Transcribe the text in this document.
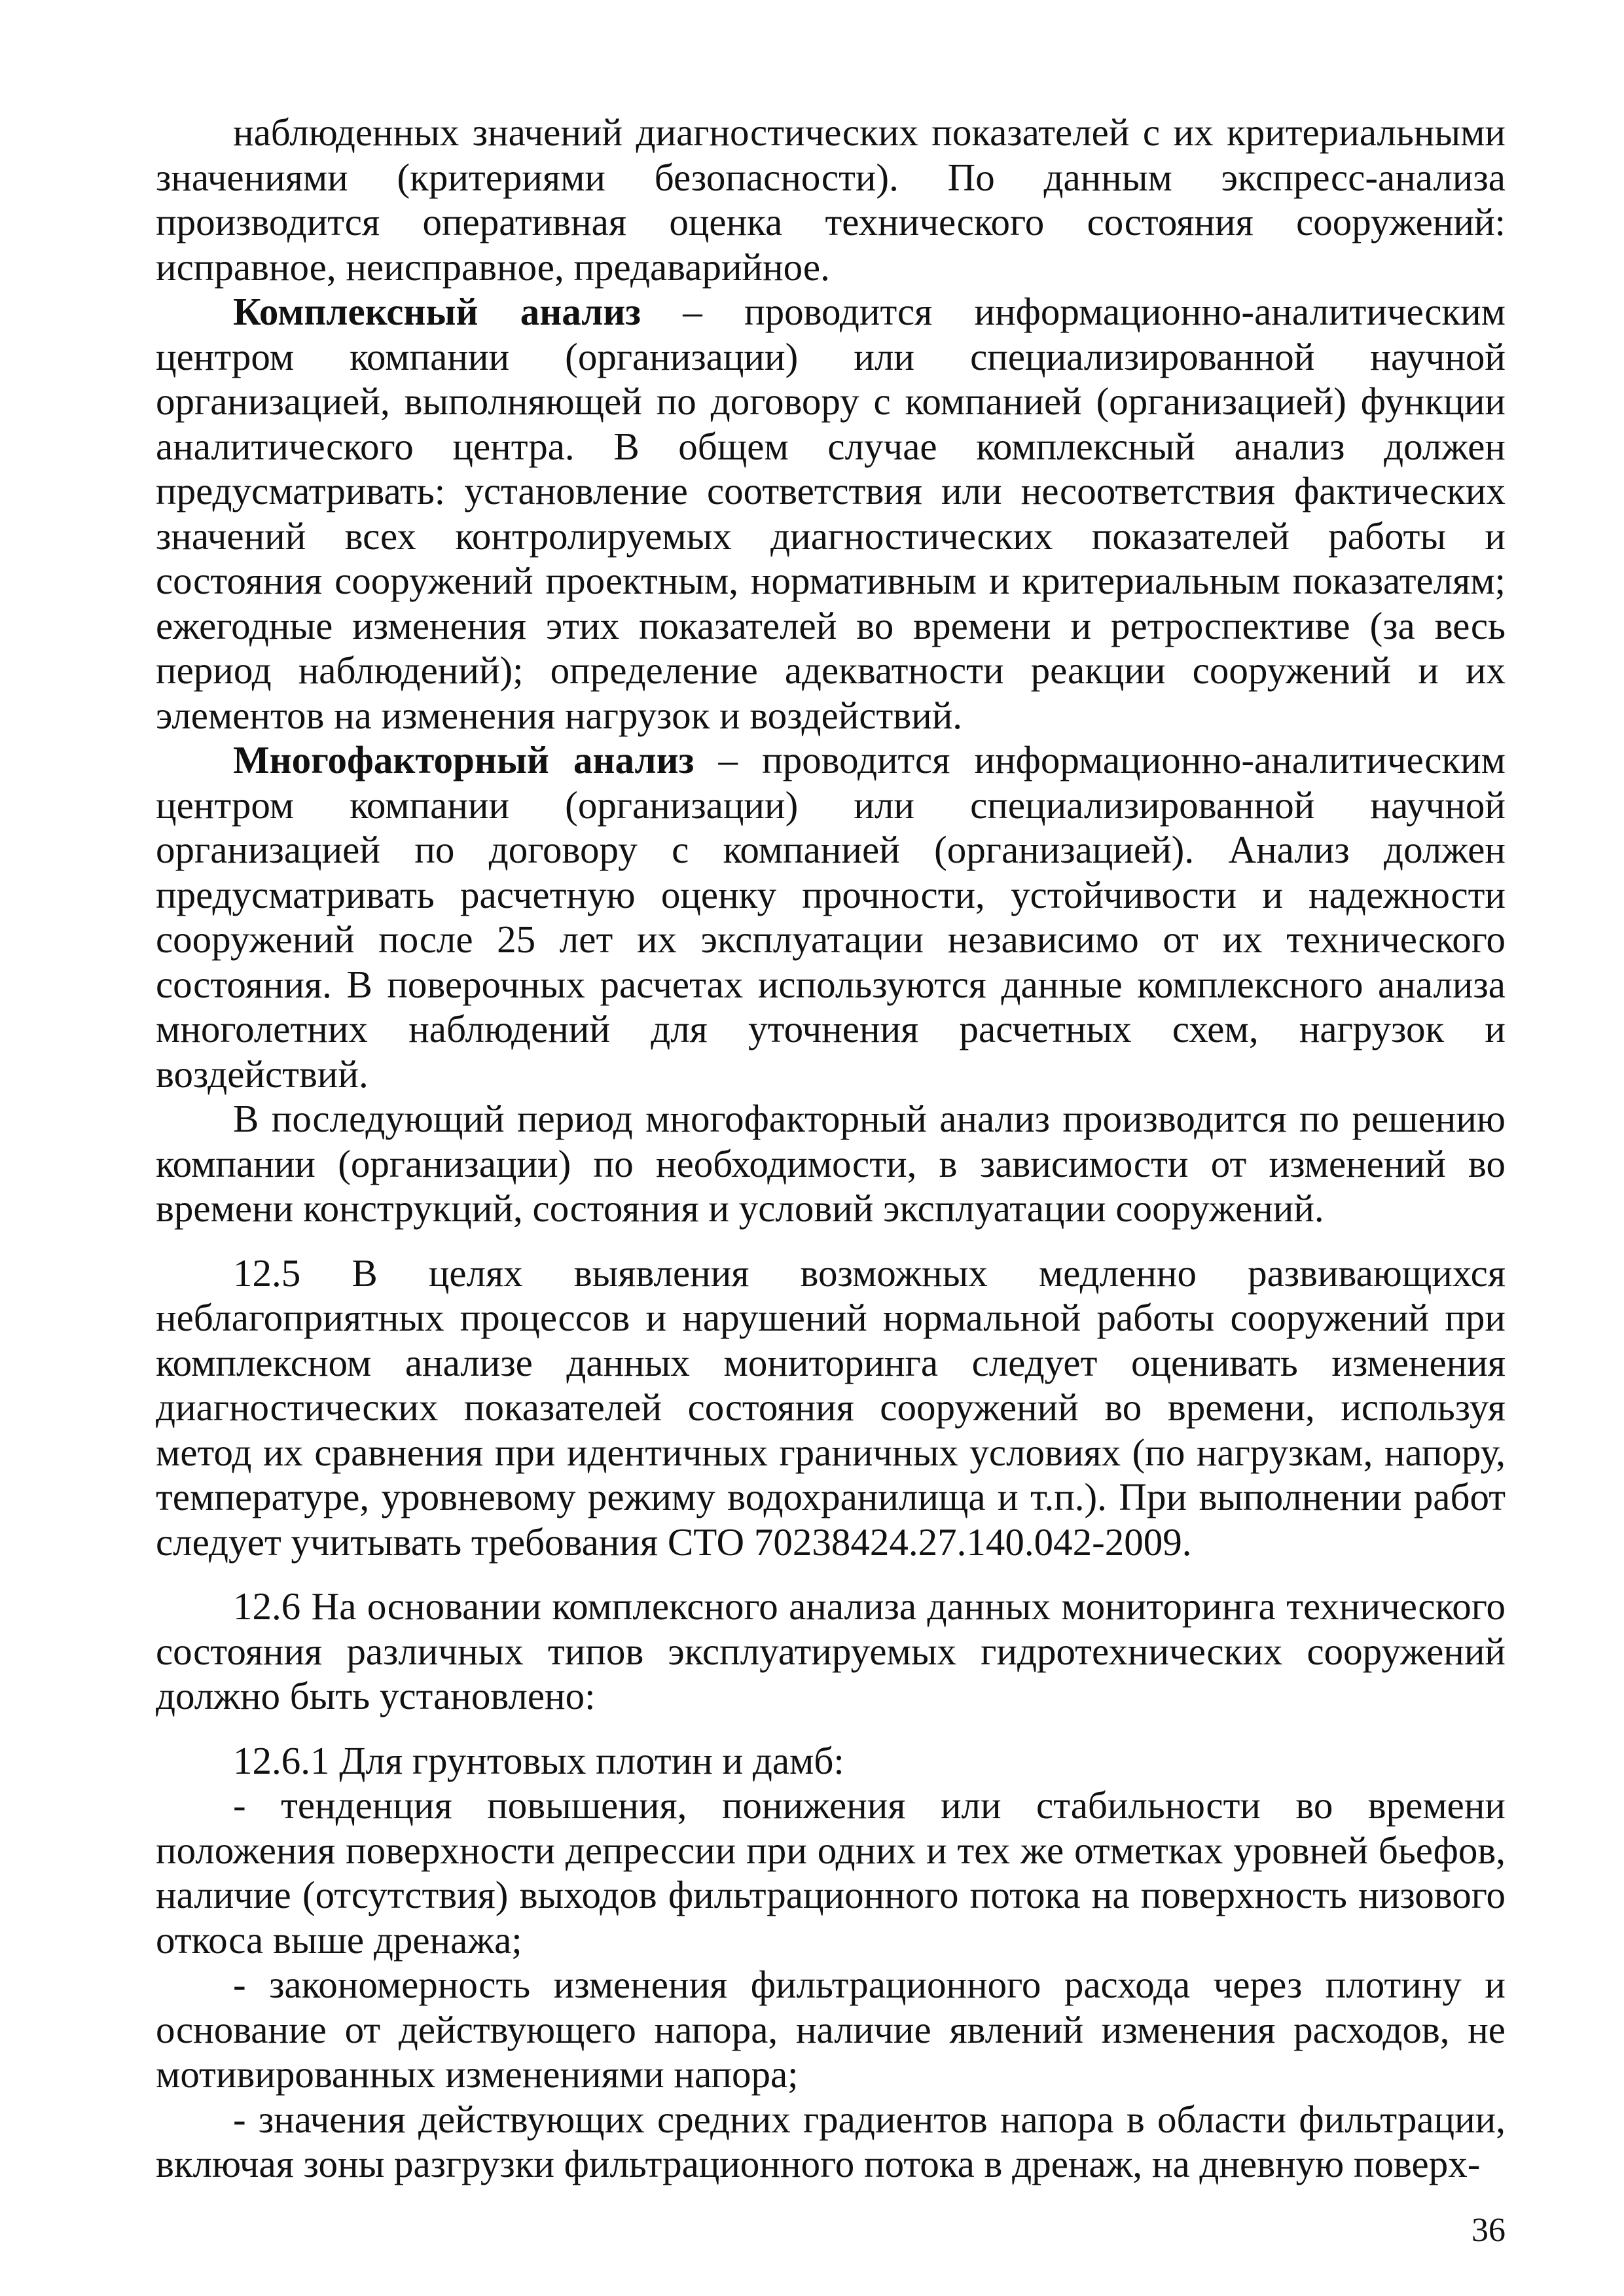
наблюденных значений диагностических показателей с их критериальными значениями (критериями безопасности). По данным экспресс-анализа производится оперативная оценка технического состояния сооружений: исправное, неисправное, предаварийное.

Комплексный анализ – проводится информационно-аналитическим центром компании (организации) или специализированной научной организацией, выполняющей по договору с компанией (организацией) функции аналитического центра. В общем случае комплексный анализ должен предусматривать: установление соответствия или несоответствия фактических значений всех контролируемых диагностических показателей работы и состояния сооружений проектным, нормативным и критериальным показателям; ежегодные изменения этих показателей во времени и ретроспективе (за весь период наблюдений); определение адекватности реакции сооружений и их элементов на изменения нагрузок и воздействий.

Многофакторный анализ – проводится информационно-аналитическим центром компании (организации) или специализированной научной организацией по договору с компанией (организацией). Анализ должен предусматривать расчетную оценку прочности, устойчивости и надежности сооружений после 25 лет их эксплуатации независимо от их технического состояния. В поверочных расчетах используются данные комплексного анализа многолетних наблюдений для уточнения расчетных схем, нагрузок и воздействий.

В последующий период многофакторный анализ производится по решению компании (организации) по необходимости, в зависимости от изменений во времени конструкций, состояния и условий эксплуатации сооружений.

12.5 В целях выявления возможных медленно развивающихся неблагоприятных процессов и нарушений нормальной работы сооружений при комплексном анализе данных мониторинга следует оценивать изменения диагностических показателей состояния сооружений во времени, используя метод их сравнения при идентичных граничных условиях (по нагрузкам, напору, температуре, уровневому режиму водохранилища и т.п.). При выполнении работ следует учитывать требования СТО 70238424.27.140.042-2009.

12.6 На основании комплексного анализа данных мониторинга технического состояния различных типов эксплуатируемых гидротехнических сооружений должно быть установлено:

12.6.1 Для грунтовых плотин и дамб:

- тенденция повышения, понижения или стабильности во времени положения поверхности депрессии при одних и тех же отметках уровней бьефов, наличие (отсутствия) выходов фильтрационного потока на поверхность низового откоса выше дренажа;

- закономерность изменения фильтрационного расхода через плотину и основание от действующего напора, наличие явлений изменения расходов, не мотивированных изменениями напора;

- значения действующих средних градиентов напора в области фильтрации, включая зоны разгрузки фильтрационного потока в дренаж, на дневную поверх-

36
